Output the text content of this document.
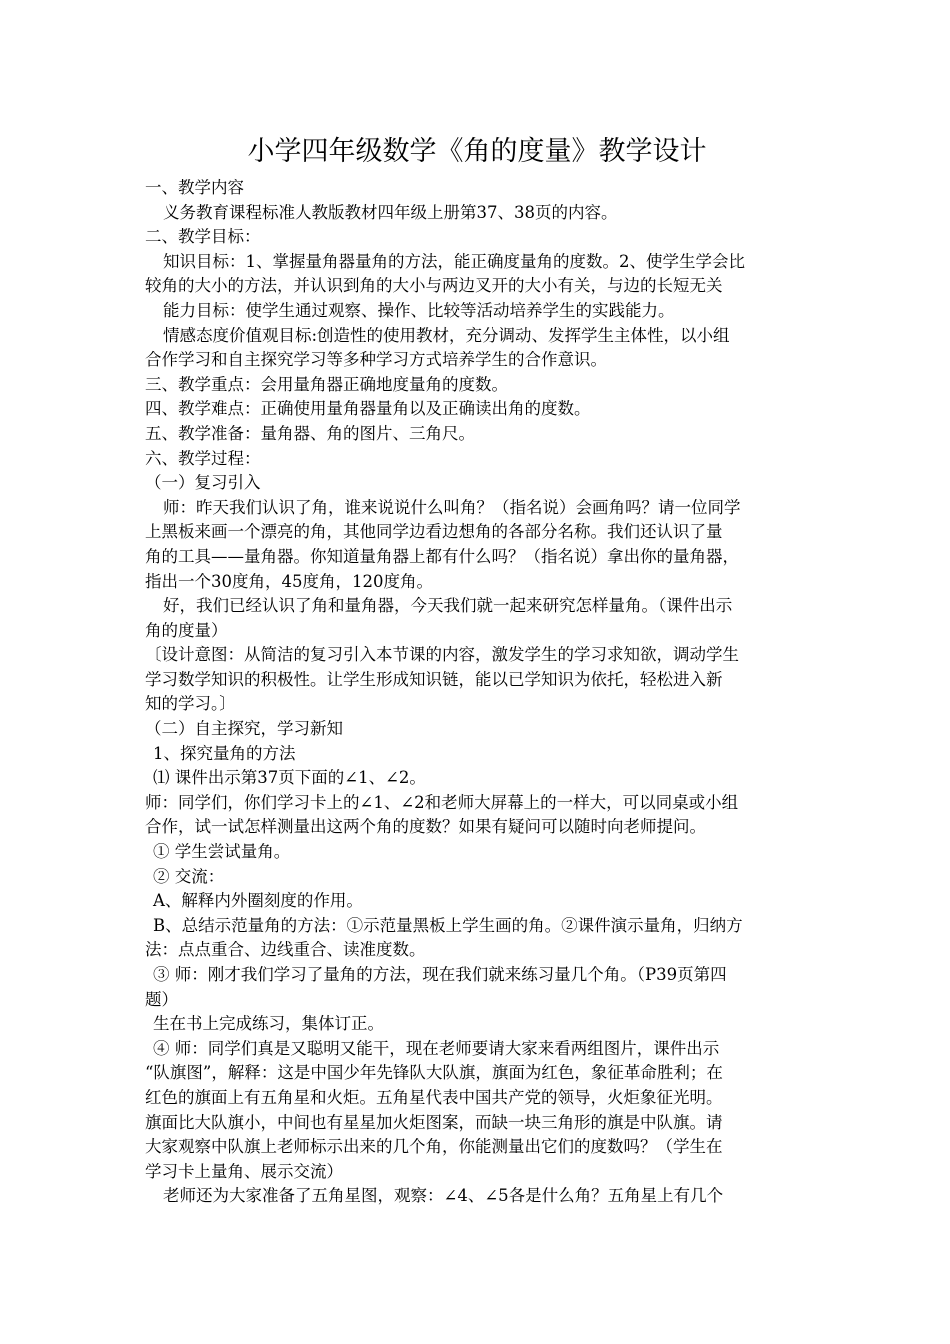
小学四年级数学《角的度量》教学设计

一、教学内容

义务教育课程标准人教版教材四年级上册第37、38页的内容。

二、教学目标：

知识目标：1、掌握量角器量角的方法，能正确度量角的度数。2、使学生学会比

较角的大小的方法，并认识到角的大小与两边叉开的大小有关，与边的长短无关

能力目标：使学生通过观察、操作、比较等活动培养学生的实践能力。

情感态度价值观目标:创造性的使用教材，充分调动、发挥学生主体性，以小组

合作学习和自主探究学习等多种学习方式培养学生的合作意识。

三、教学重点：会用量角器正确地度量角的度数。

四、教学难点：正确使用量角器量角以及正确读出角的度数。

五、教学准备：量角器、角的图片、三角尺。

六、教学过程：

（一）复习引入

师：昨天我们认识了角，谁来说说什么叫角？（指名说）会画角吗？请一位同学

上黑板来画一个漂亮的角，其他同学边看边想角的各部分名称。我们还认识了量

角的工具——量角器。你知道量角器上都有什么吗？（指名说）拿出你的量角器，

指出一个30度角，45度角，120度角。

好，我们已经认识了角和量角器，今天我们就一起来研究怎样量角。（课件出示

角的度量）

〔设计意图：从简洁的复习引入本节课的内容，激发学生的学习求知欲，调动学生

学习数学知识的积极性。让学生形成知识链，能以已学知识为依托，轻松进入新

知的学习。〕

（二）自主探究，学习新知

1、探究量角的方法

⑴ 课件出示第37页下面的∠1、∠2。

师：同学们，你们学习卡上的∠1、∠2和老师大屏幕上的一样大，可以同桌或小组

合作，试一试怎样测量出这两个角的度数？如果有疑问可以随时向老师提问。

① 学生尝试量角。

② 交流：

A、解释内外圈刻度的作用。

B、总结示范量角的方法：①示范量黑板上学生画的角。②课件演示量角，归纳方

法：点点重合、边线重合、读准度数。

③ 师：刚才我们学习了量角的方法，现在我们就来练习量几个角。（P39页第四

题）

生在书上完成练习，集体订正。

④ 师：同学们真是又聪明又能干，现在老师要请大家来看两组图片，课件出示

“队旗图”，解释：这是中国少年先锋队大队旗，旗面为红色，象征革命胜利；在

红色的旗面上有五角星和火炬。五角星代表中国共产党的领导，火炬象征光明。

旗面比大队旗小，中间也有星星加火炬图案，而缺一块三角形的旗是中队旗。请

大家观察中队旗上老师标示出来的几个角，你能测量出它们的度数吗？（学生在

学习卡上量角、展示交流）

老师还为大家准备了五角星图，观察：∠4、∠5各是什么角？五角星上有几个
